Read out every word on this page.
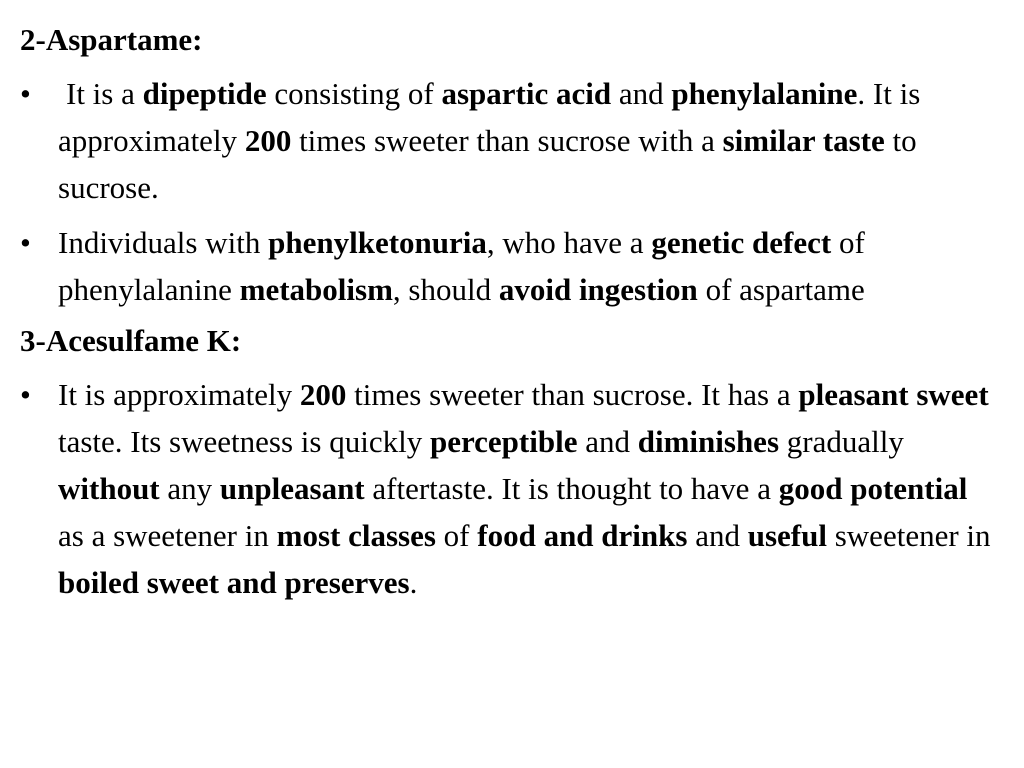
2-Aspartame:
• It is a dipeptide consisting of aspartic acid and phenylalanine. It is approximately 200 times sweeter than sucrose with a similar taste to sucrose.
• Individuals with phenylketonuria, who have a genetic defect of phenylalanine metabolism, should avoid ingestion of aspartame
3-Acesulfame K:
• It is approximately 200 times sweeter than sucrose. It has a pleasant sweet taste. Its sweetness is quickly perceptible and diminishes gradually without any unpleasant aftertaste. It is thought to have a good potential as a sweetener in most classes of food and drinks and useful sweetener in boiled sweet and preserves.
